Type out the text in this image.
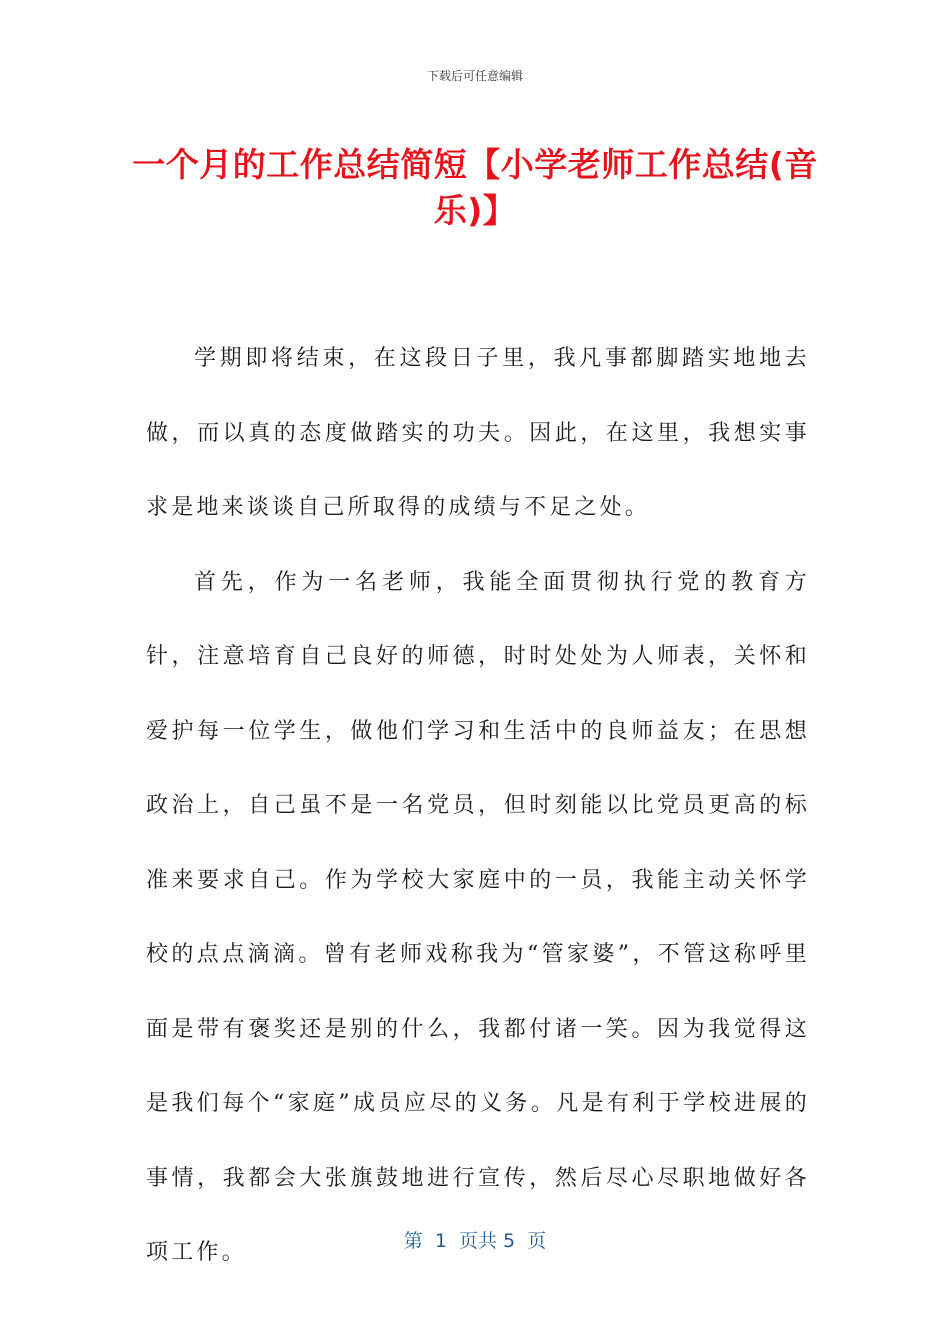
下载后可任意编辑
一个月的工作总结简短【小学老师工作总结(音乐)】

学期即将结束，在这段日子里，我凡事都脚踏实地地去做，而以真的态度做踏实的功夫。因此，在这里，我想实事求是地来谈谈自己所取得的成绩与不足之处。

首先，作为一名老师，我能全面贯彻执行党的教育方针，注意培育自己良好的师德，时时处处为人师表，关怀和爱护每一位学生，做他们学习和生活中的良师益友；在思想政治上，自己虽不是一名党员，但时刻能以比党员更高的标准来要求自己。作为学校大家庭中的一员，我能主动关怀学校的点点滴滴。曾有老师戏称我为“管家婆”，不管这称呼里面是带有褒奖还是别的什么，我都付诸一笑。因为我觉得这是我们每个“家庭”成员应尽的义务。凡是有利于学校进展的事情，我都会大张旗鼓地进行宣传，然后尽心尽职地做好各项工作。	第  1  页共 5  页
